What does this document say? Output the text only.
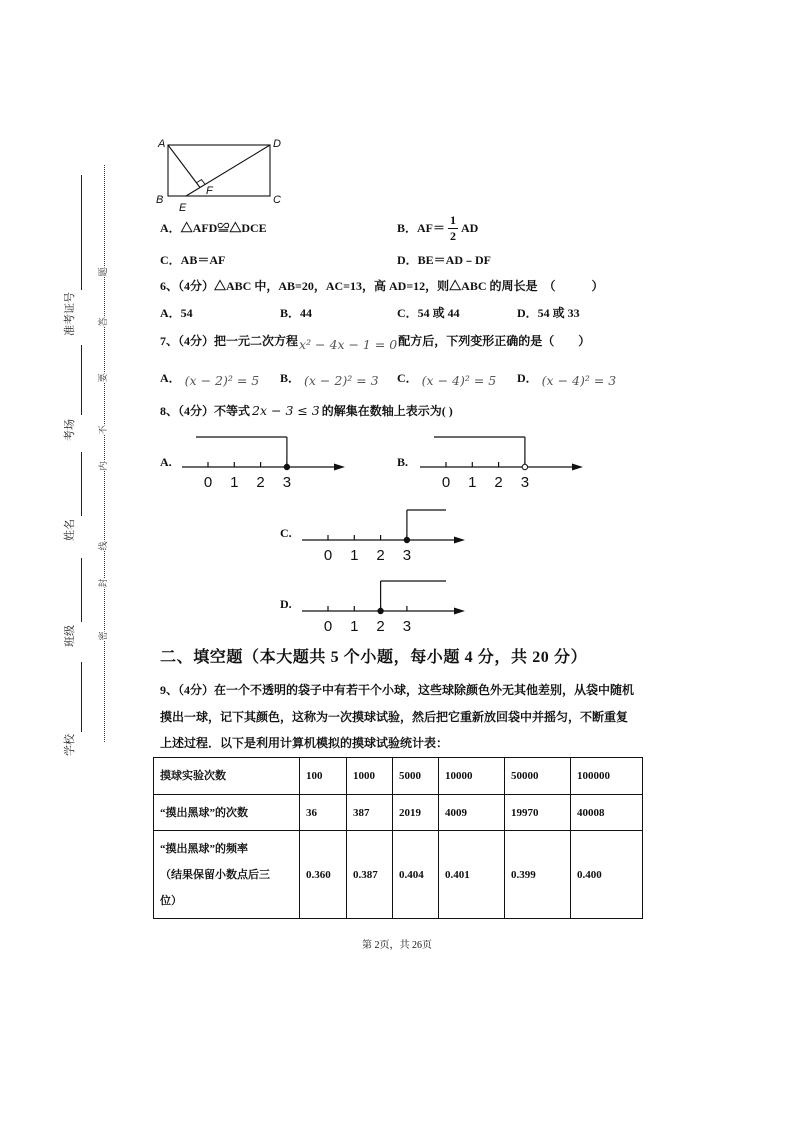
准考证号
考场
姓名
班级
学校
密
封
线
内
不
要
答
题
A	D
B	C
E
F
A．△AFD≌△DCE	B． $AF= \frac{1}{2}$ AD
C．AB＝AF	D．BE＝AD﹣DF
6、（4分）△ABC 中，AB=20，AC=13，高 AD=12，则△ABC 的周长是　（　　　）
A．54	B．44	C．54 或 44	D．54 或 33
7、（4分）把一元二次方程x² − 4x − 1 = 0配方后，下列变形正确的是（　　）
A． (x − 2)² = 5 B． (x − 2)² = 3 C． (x − 4)² = 5 D． (x − 4)² = 3
8、（4分）不等式 2x − 3 ≤ 3 的解集在数轴上表示为( )
A.	B.
C.
D.
0 1 2 3	0 1 2 3
0 1 2 3
0 1 2 3
二、填空题（本大题共 5 个小题，每小题 4 分，共 20 分）
9、（4分）在一个不透明的袋子中有若干个小球，这些球除颜色外无其他差别，从袋中随机
摸出一球，记下其颜色，这称为一次摸球试验，然后把它重新放回袋中并摇匀，不断重复
上述过程．以下是利用计算机模拟的摸球试验统计表：
摸球实验次数	100	1000	5000	10000	50000	100000
“摸出黑球”的次数	36	387	2019	4009	19970	40008

“摸出黑球”的频率
（结果保留小数点后三
位）	0.360	0.387	0.404	0.401	0.399	0.400
第 2页，共 26页
